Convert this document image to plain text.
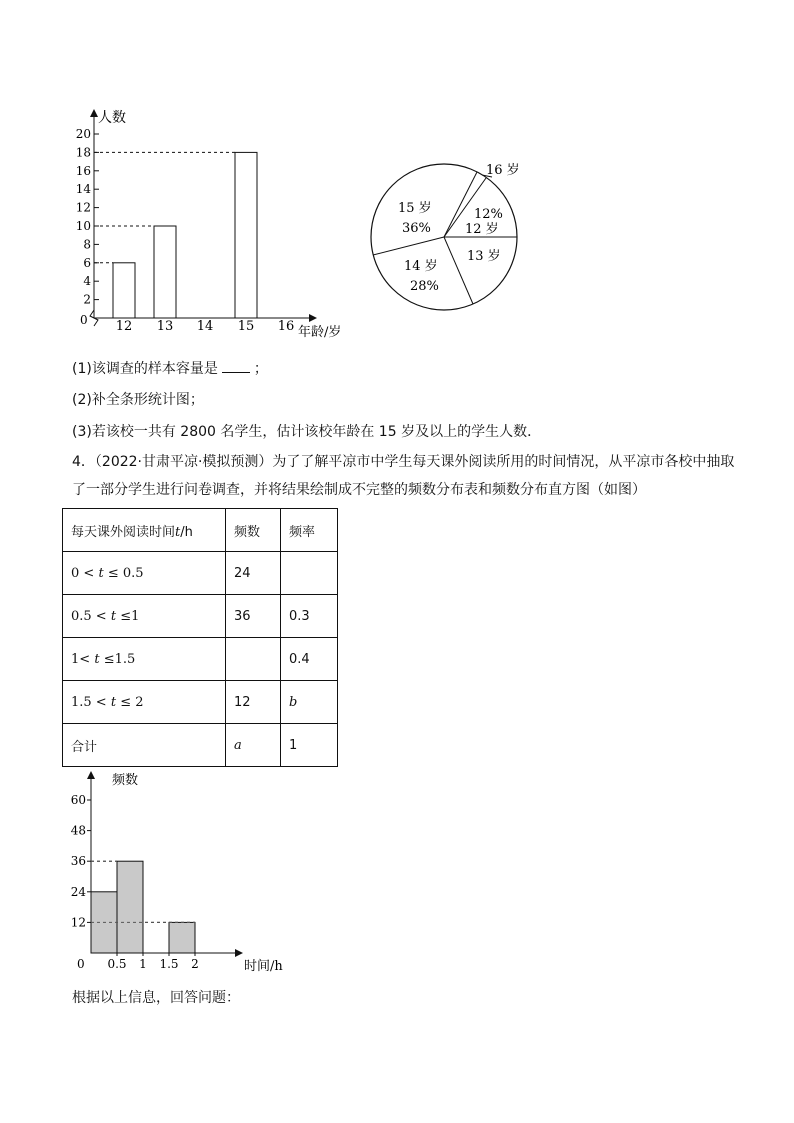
人数
年龄/岁
0
2
4
6
8
10
12
14
16
18
20
12 13 14 15 16
15 岁
36%
14 岁
28%
13 岁
12%
12 岁
16 岁
频数
时间/h
0
12
24
36
48
60
0.5 1 1.5 2
(1)该调查的样本容量是	；
(2)补全条形统计图；
(3)若该校一共有 2800 名学生，估计该校年龄在 15 岁及以上的学生人数．
4．（2022·甘肃平凉·模拟预测）为了了解平凉市中学生每天课外阅读所用的时间情况，从平凉市各校中抽取
了一部分学生进行问卷调查，并将结果绘制成不完整的频数分布表和频数分布直方图（如图）
每天课外阅读时间t/h	频数	频率
0 < t ≤ 0.5	24	
0.5 < t ≤1	36	0.3
1< t ≤1.5		0.4
1.5 < t ≤ 2	12	b
合计	a	1
根据以上信息，回答问题：
